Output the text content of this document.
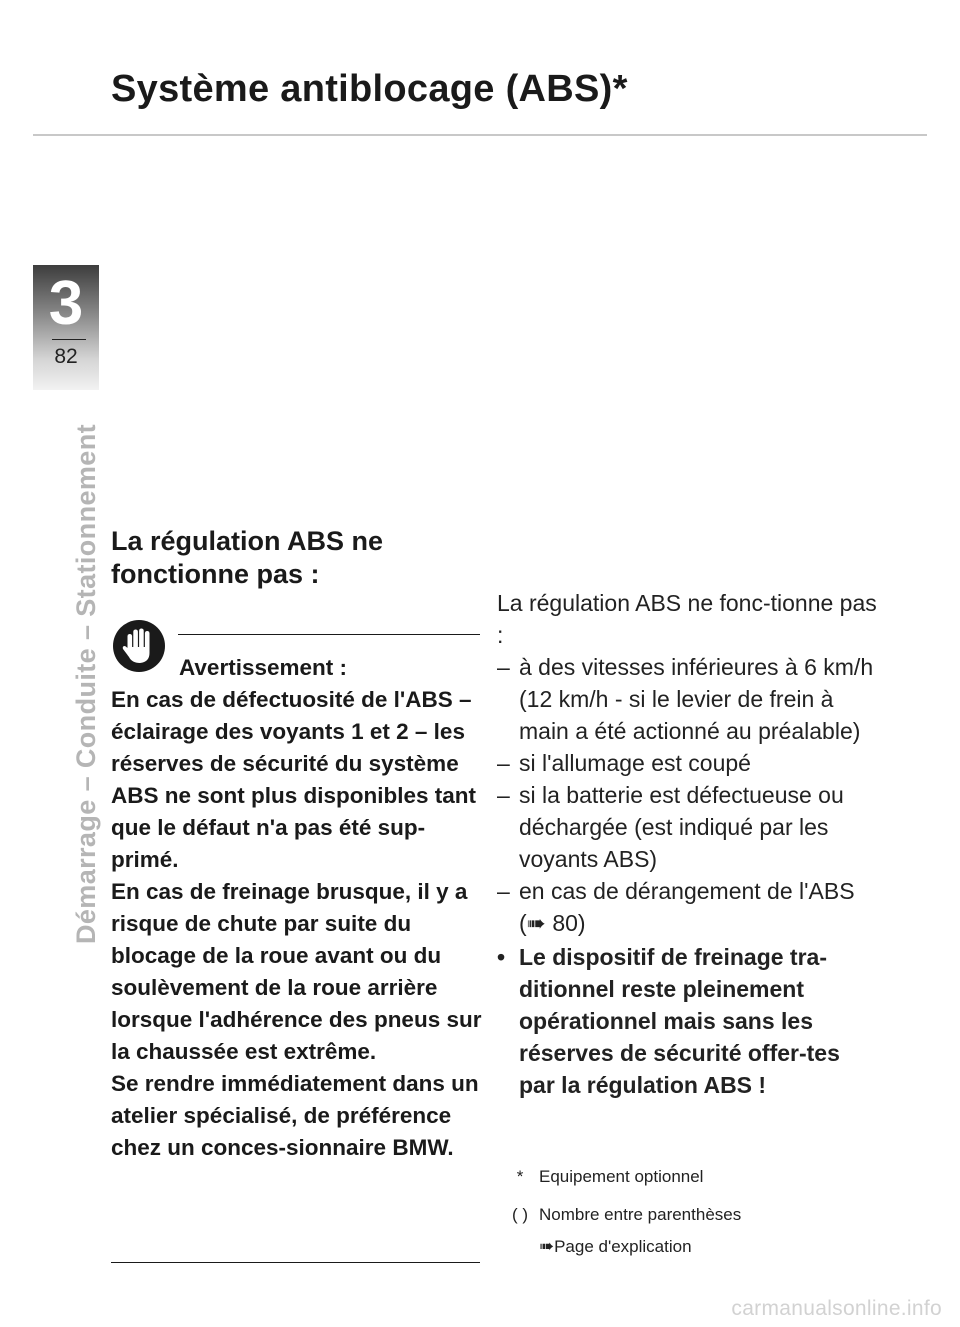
Système antiblocage (ABS)*
3
82
Démarrage – Conduite – Stationnement La régulation ABS ne fonctionne pas :
Avertissement :

En cas de défectuosité de l'ABS – éclairage des voyants 1 et 2 – les réserves de sécurité du système ABS ne sont plus disponibles tant que le défaut n'a pas été sup-primé.

En cas de freinage brusque, il y a risque de chute par suite du blocage de la roue avant ou du soulèvement de la roue arrière lorsque l'adhérence des pneus sur la chaussée est extrême.

Se rendre immédiatement dans un atelier spécialisé, de préférence chez un conces-sionnaire BMW.

La régulation ABS ne fonc-tionne pas :

– à des vitesses inférieures à 6 km/h (12 km/h - si le levier de frein à main a été actionné au préalable)
– si l'allumage est coupé
– si la batterie est défectueuse ou déchargée (est indiqué par les voyants ABS)
– en cas de dérangement de l'ABS (➠ 80)
• Le dispositif de freinage tra-ditionnel reste pleinement opérationnel mais sans les réserves de sécurité offer-tes par la régulation ABS !
* Equipement optionnel
( ) Nombre entre parenthèses
➠Page d'explication
carmanualsonline.info
